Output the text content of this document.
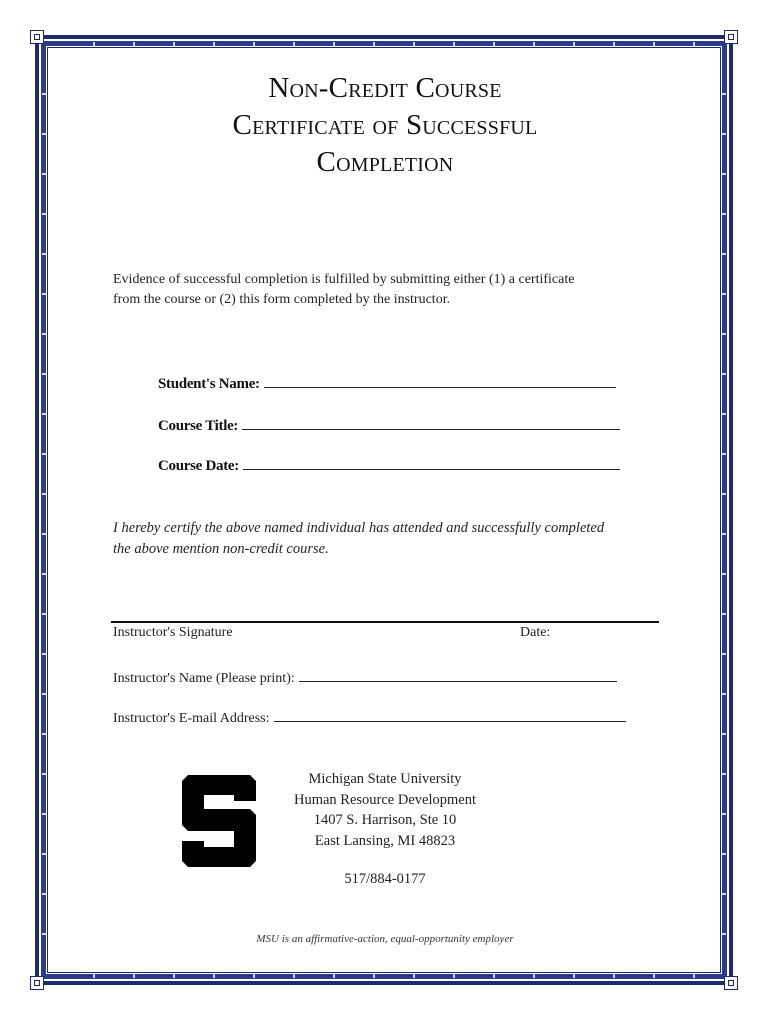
Non-Credit Course
Certificate of Successful
Completion
Evidence of successful completion is fulfilled by submitting either (1) a certificate
from the course or (2) this form completed by the instructor.
Student's Name:
Course Title:
Course Date:
I hereby certify the above named individual has attended and successfully completed
the above mention non-credit course.
Instructor's Signature	Date:
Instructor's Name (Please print):
Instructor's E-mail Address:
Michigan State University
Human Resource Development
1407 S. Harrison, Ste 10
East Lansing, MI 48823
517/884-0177
MSU is an affirmative-action, equal-opportunity employer
